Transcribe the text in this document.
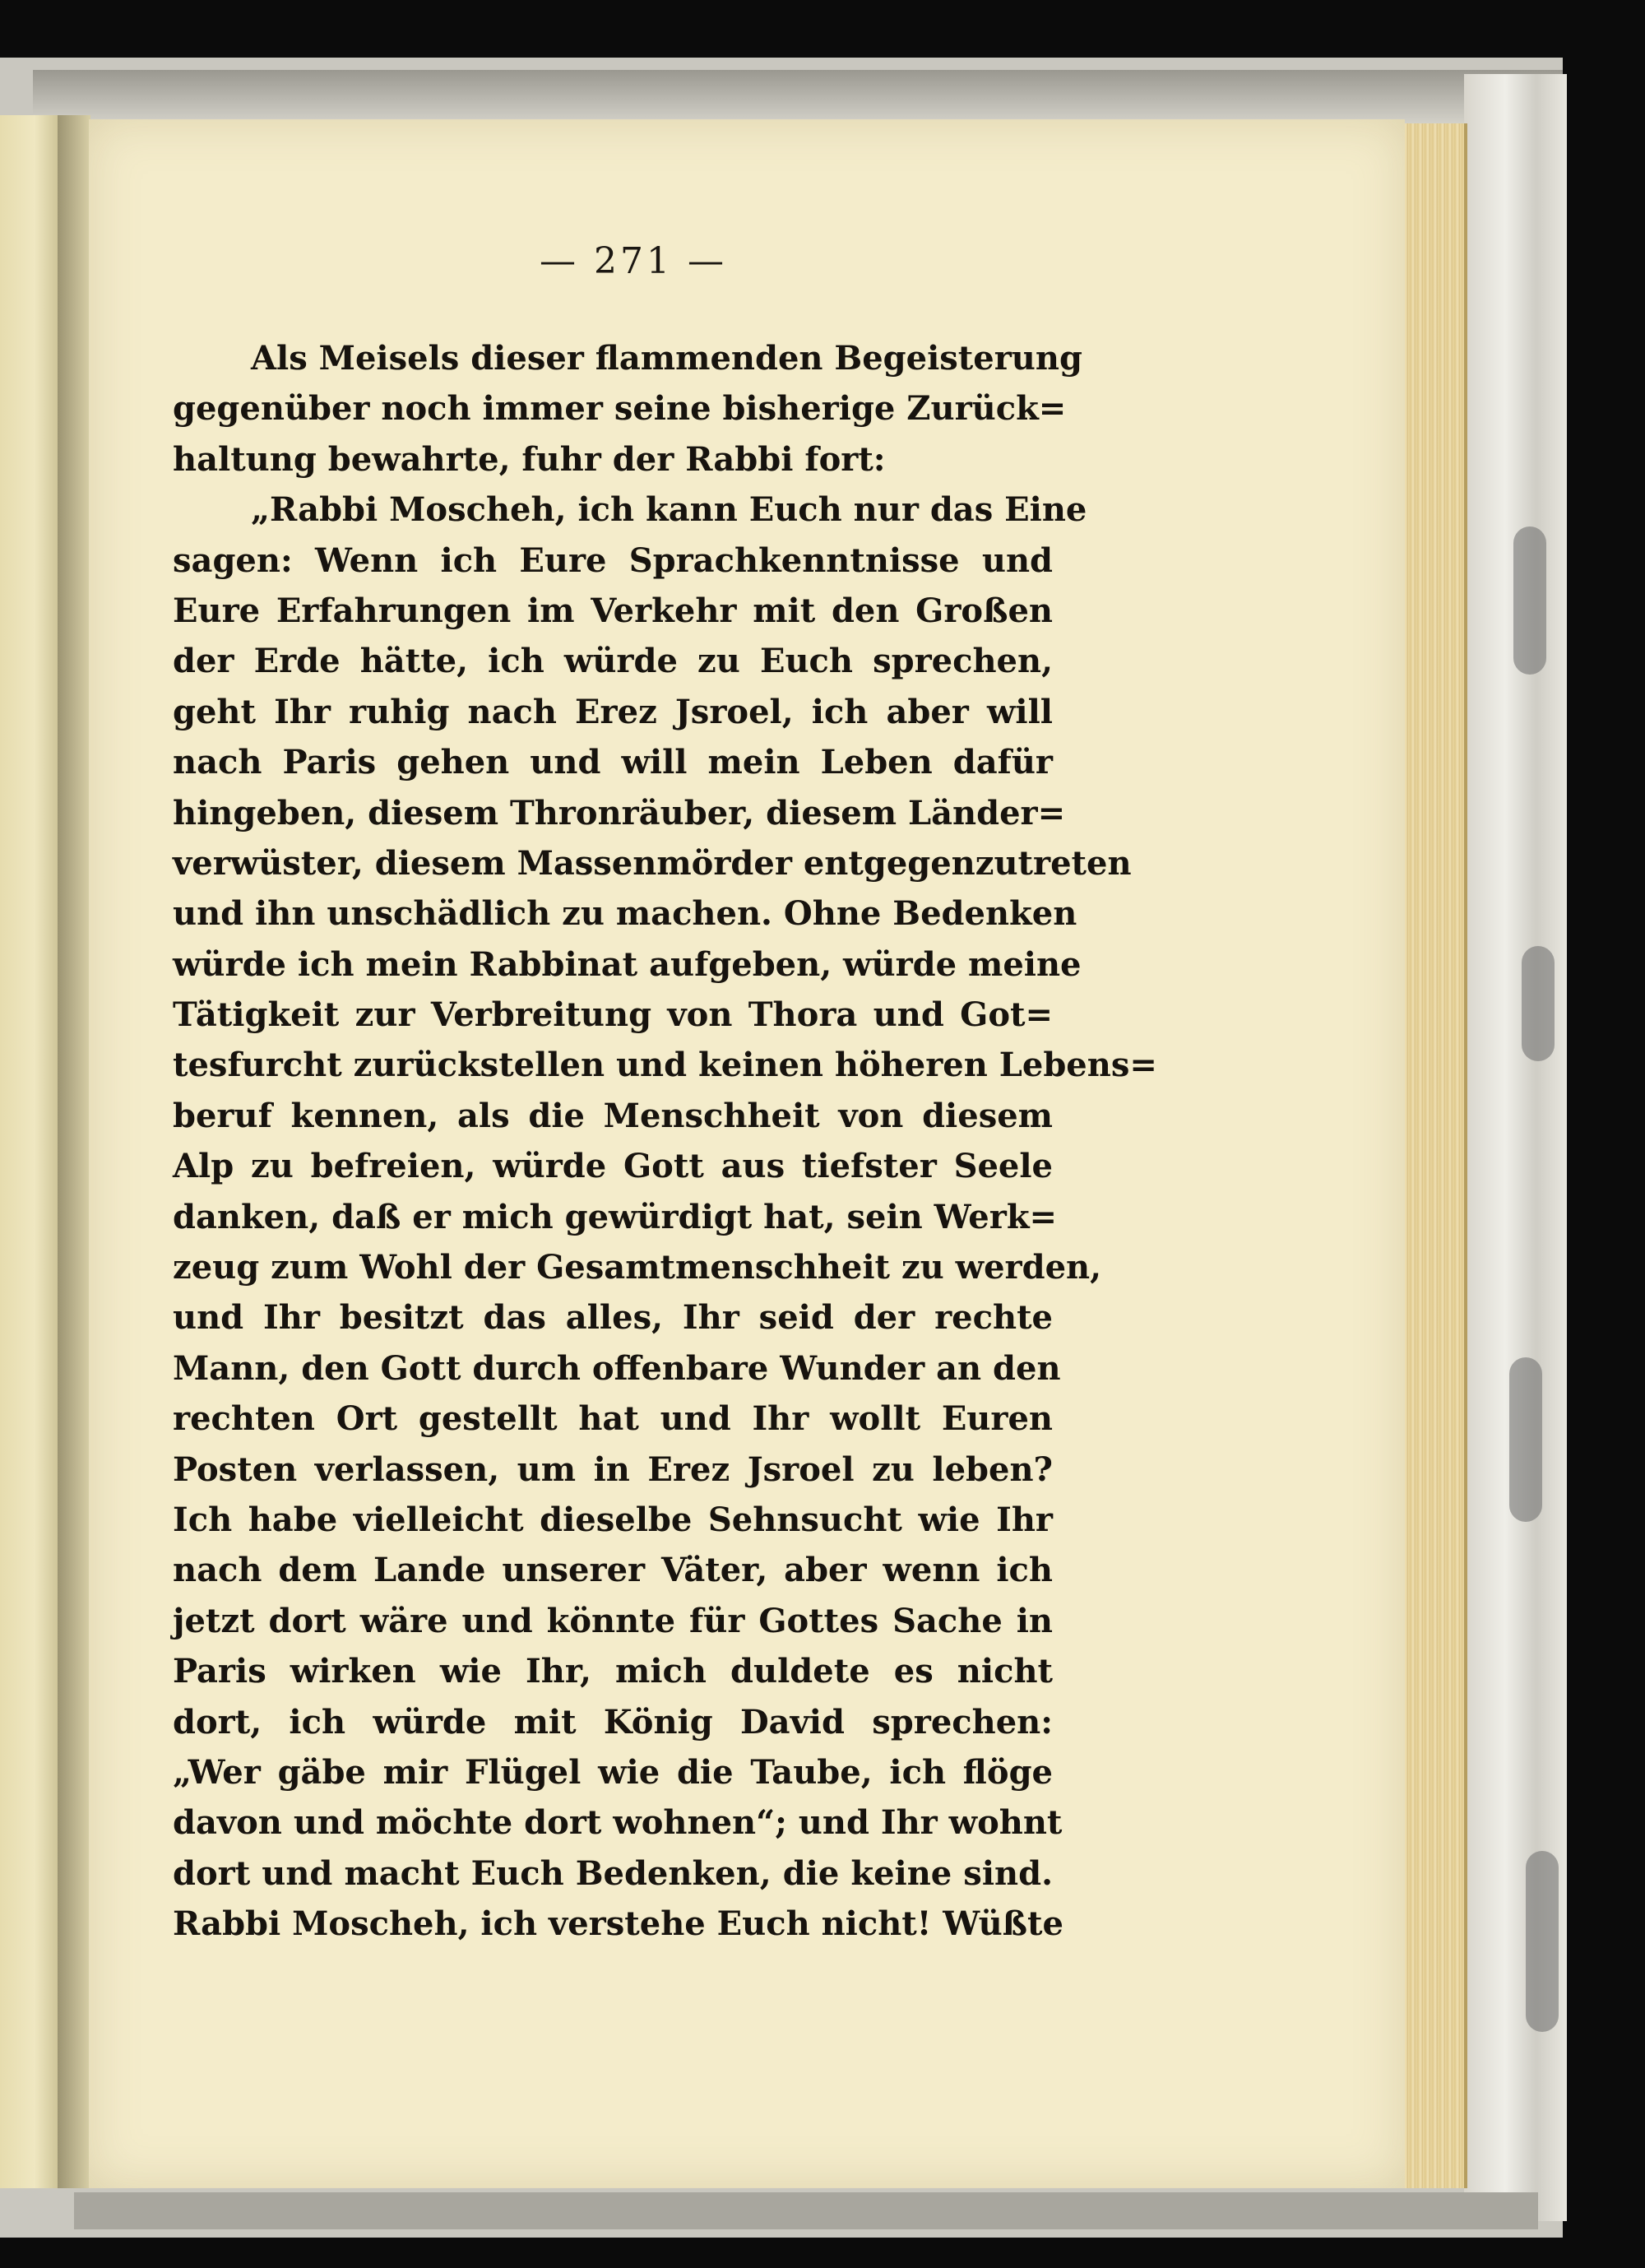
— 271 —
Als Meisels dieser flammenden Begeisterung
gegenüber noch immer seine bisherige Zurück=
haltung bewahrte, fuhr der Rabbi fort:
„Rabbi Moscheh, ich kann Euch nur das Eine
sagen: Wenn ich Eure Sprachkenntnisse und
Eure Erfahrungen im Verkehr mit den Großen
der Erde hätte, ich würde zu Euch sprechen,
geht Ihr ruhig nach Erez Jsroel, ich aber will
nach Paris gehen und will mein Leben dafür
hingeben, diesem Thronräuber, diesem Länder=
verwüster, diesem Massenmörder entgegenzutreten
und ihn unschädlich zu machen. Ohne Bedenken
würde ich mein Rabbinat aufgeben, würde meine
Tätigkeit zur Verbreitung von Thora und Got=
tesfurcht zurückstellen und keinen höheren Lebens=
beruf kennen, als die Menschheit von diesem
Alp zu befreien, würde Gott aus tiefster Seele
danken, daß er mich gewürdigt hat, sein Werk=
zeug zum Wohl der Gesamtmenschheit zu werden,
und Ihr besitzt das alles, Ihr seid der rechte
Mann, den Gott durch offenbare Wunder an den
rechten Ort gestellt hat und Ihr wollt Euren
Posten verlassen, um in Erez Jsroel zu leben?
Ich habe vielleicht dieselbe Sehnsucht wie Ihr
nach dem Lande unserer Väter, aber wenn ich
jetzt dort wäre und könnte für Gottes Sache in
Paris wirken wie Ihr, mich duldete es nicht
dort, ich würde mit König David sprechen:
„Wer gäbe mir Flügel wie die Taube, ich flöge
davon und möchte dort wohnen“; und Ihr wohnt
dort und macht Euch Bedenken, die keine sind.
Rabbi Moscheh, ich verstehe Euch nicht! Wüßte
